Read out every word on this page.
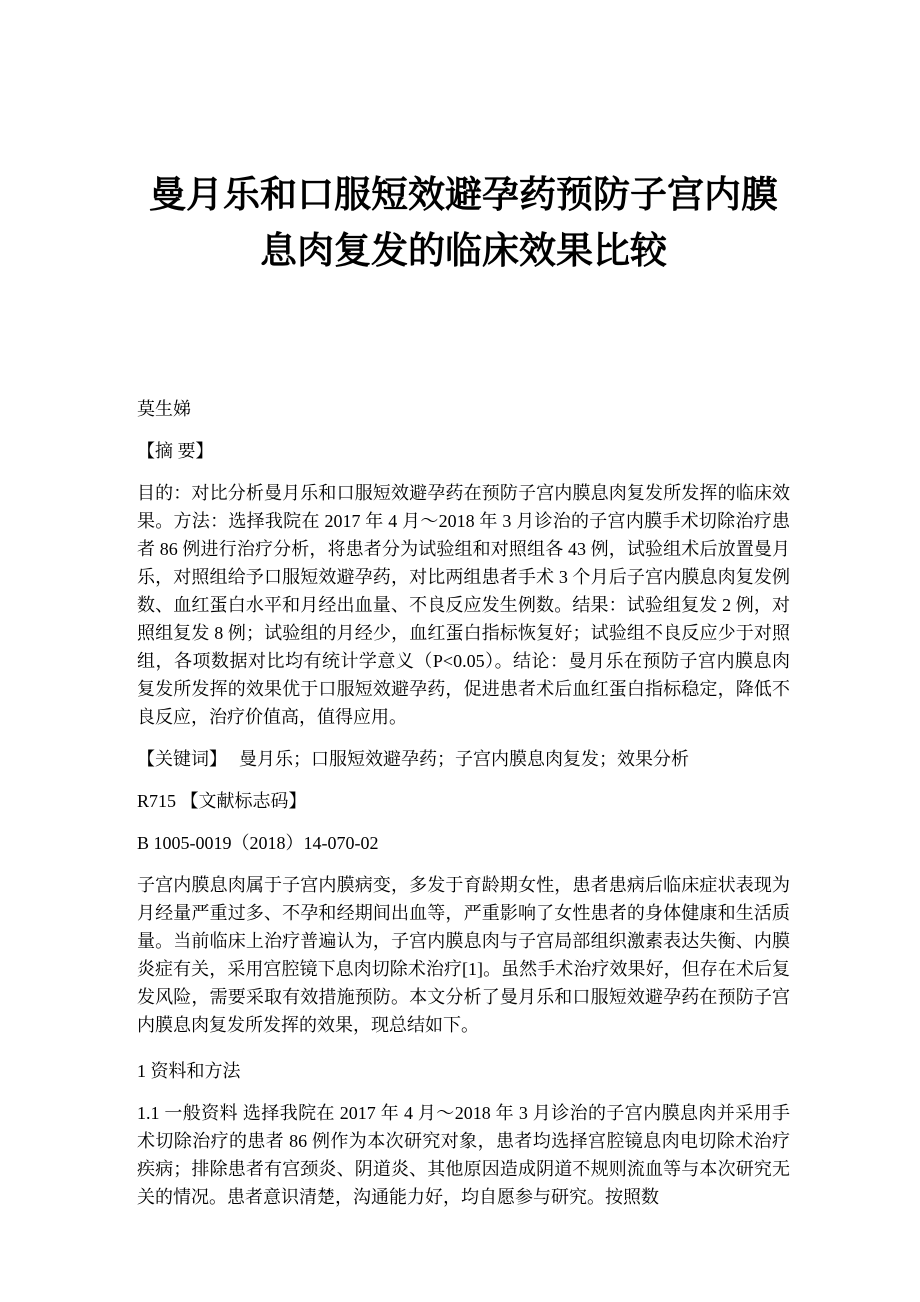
曼月乐和口服短效避孕药预防子宫内膜息肉复发的临床效果比较

莫生娣

【摘 要】

目的：对比分析曼月乐和口服短效避孕药在预防子宫内膜息肉复发所发挥的临床效果。方法：选择我院在 2017 年 4 月～2018 年 3 月诊治的子宫内膜手术切除治疗患者 86 例进行治疗分析，将患者分为试验组和对照组各 43 例，试验组术后放置曼月乐，对照组给予口服短效避孕药，对比两组患者手术 3 个月后子宫内膜息肉复发例数、血红蛋白水平和月经出血量、不良反应发生例数。结果：试验组复发 2 例，对照组复发 8 例；试验组的月经少，血红蛋白指标恢复好；试验组不良反应少于对照组，各项数据对比均有统计学意义（P<0.05）。结论：曼月乐在预防子宫内膜息肉复发所发挥的效果优于口服短效避孕药，促进患者术后血红蛋白指标稳定，降低不良反应，治疗价值高，值得应用。

【关键词】 曼月乐；口服短效避孕药；子宫内膜息肉复发；效果分析

R715 【文献标志码】

B 1005-0019（2018）14-070-02

子宫内膜息肉属于子宫内膜病变，多发于育龄期女性，患者患病后临床症状表现为月经量严重过多、不孕和经期间出血等，严重影响了女性患者的身体健康和生活质量。当前临床上治疗普遍认为，子宫内膜息肉与子宫局部组织激素表达失衡、内膜炎症有关，采用宫腔镜下息肉切除术治疗[1]。虽然手术治疗效果好，但存在术后复发风险，需要采取有效措施预防。本文分析了曼月乐和口服短效避孕药在预防子宫内膜息肉复发所发挥的效果，现总结如下。

1 资料和方法

1.1 一般资料 选择我院在 2017 年 4 月～2018 年 3 月诊治的子宫内膜息肉并采用手术切除治疗的患者 86 例作为本次研究对象，患者均选择宫腔镜息肉电切除术治疗疾病；排除患者有宫颈炎、阴道炎、其他原因造成阴道不规则流血等与本次研究无关的情况。患者意识清楚，沟通能力好，均自愿参与研究。按照数
